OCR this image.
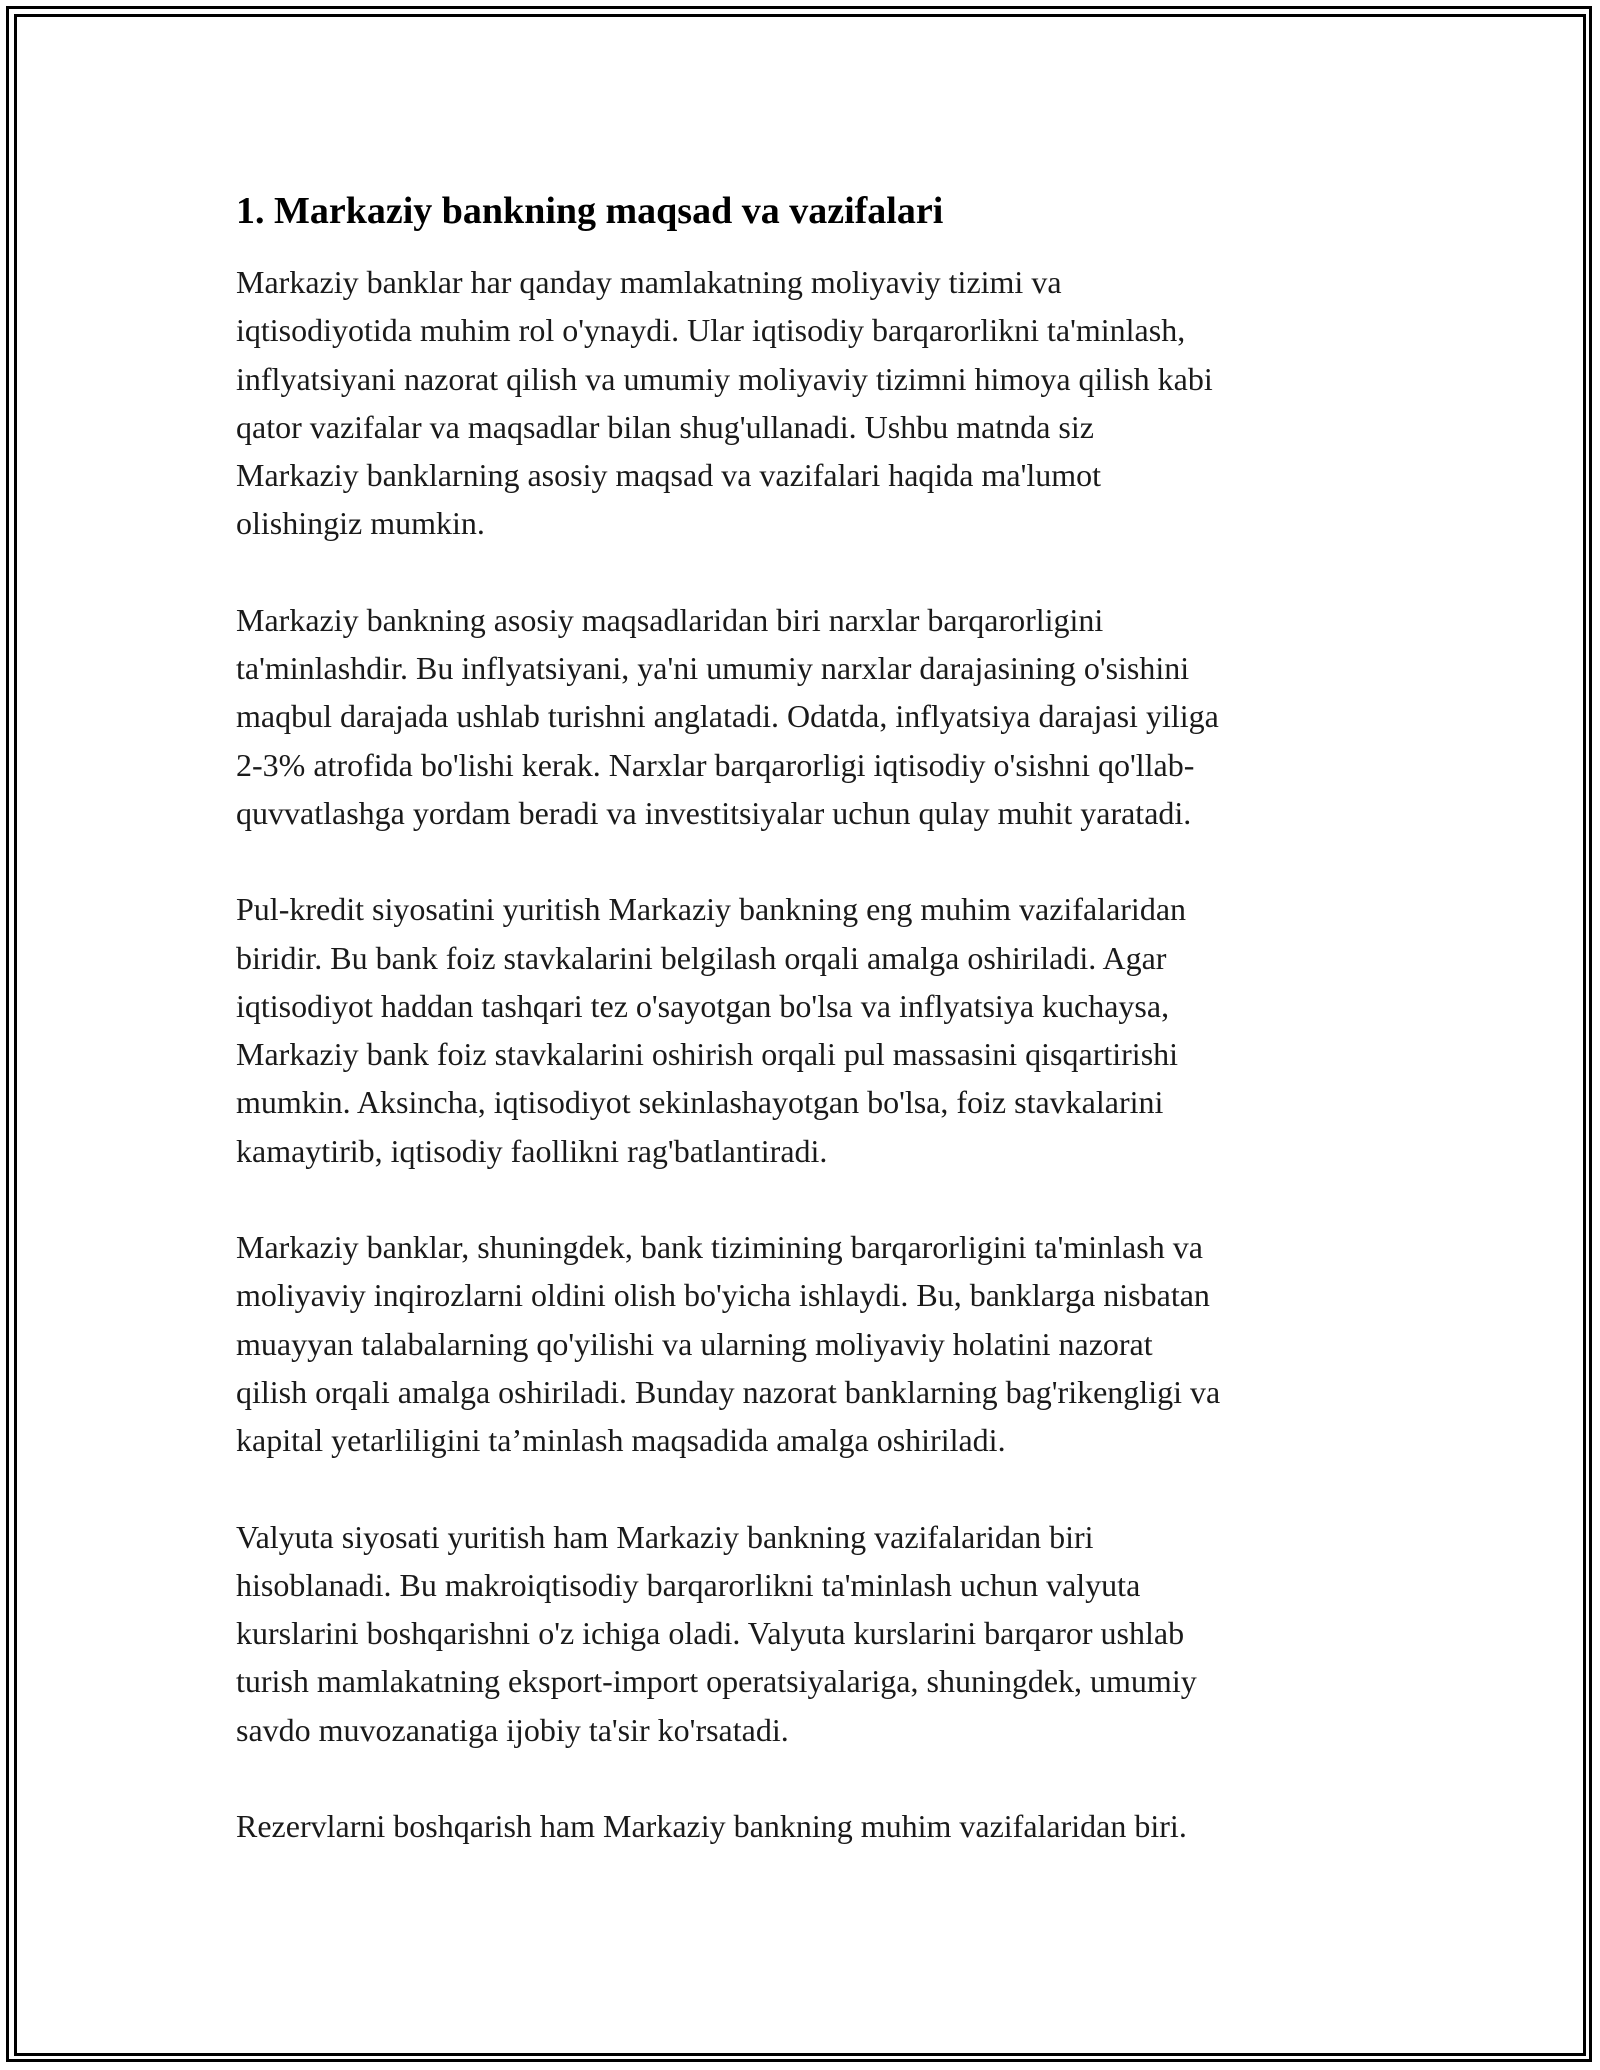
1. Markaziy bankning maqsad va vazifalari

Markaziy banklar har qanday mamlakatning moliyaviy tizimi va
iqtisodiyotida muhim rol o'ynaydi. Ular iqtisodiy barqarorlikni ta'minlash,
inflyatsiyani nazorat qilish va umumiy moliyaviy tizimni himoya qilish kabi
qator vazifalar va maqsadlar bilan shug'ullanadi. Ushbu matnda siz
Markaziy banklarning asosiy maqsad va vazifalari haqida ma'lumot
olishingiz mumkin.

Markaziy bankning asosiy maqsadlaridan biri narxlar barqarorligini
ta'minlashdir. Bu inflyatsiyani, ya'ni umumiy narxlar darajasining o'sishini
maqbul darajada ushlab turishni anglatadi. Odatda, inflyatsiya darajasi yiliga
2-3% atrofida bo'lishi kerak. Narxlar barqarorligi iqtisodiy o'sishni qo'llab-
quvvatlashga yordam beradi va investitsiyalar uchun qulay muhit yaratadi.

Pul-kredit siyosatini yuritish Markaziy bankning eng muhim vazifalaridan
biridir. Bu bank foiz stavkalarini belgilash orqali amalga oshiriladi. Agar
iqtisodiyot haddan tashqari tez o'sayotgan bo'lsa va inflyatsiya kuchaysa,
Markaziy bank foiz stavkalarini oshirish orqali pul massasini qisqartirishi
mumkin. Aksincha, iqtisodiyot sekinlashayotgan bo'lsa, foiz stavkalarini
kamaytirib, iqtisodiy faollikni rag'batlantiradi.

Markaziy banklar, shuningdek, bank tizimining barqarorligini ta'minlash va
moliyaviy inqirozlarni oldini olish bo'yicha ishlaydi. Bu, banklarga nisbatan
muayyan talabalarning qo'yilishi va ularning moliyaviy holatini nazorat
qilish orqali amalga oshiriladi. Bunday nazorat banklarning bag'rikengligi va
kapital yetarliligini ta’minlash maqsadida amalga oshiriladi.

Valyuta siyosati yuritish ham Markaziy bankning vazifalaridan biri
hisoblanadi. Bu makroiqtisodiy barqarorlikni ta'minlash uchun valyuta
kurslarini boshqarishni o'z ichiga oladi. Valyuta kurslarini barqaror ushlab
turish mamlakatning eksport-import operatsiyalariga, shuningdek, umumiy
savdo muvozanatiga ijobiy ta'sir ko'rsatadi.

Rezervlarni boshqarish ham Markaziy bankning muhim vazifalaridan biri.
